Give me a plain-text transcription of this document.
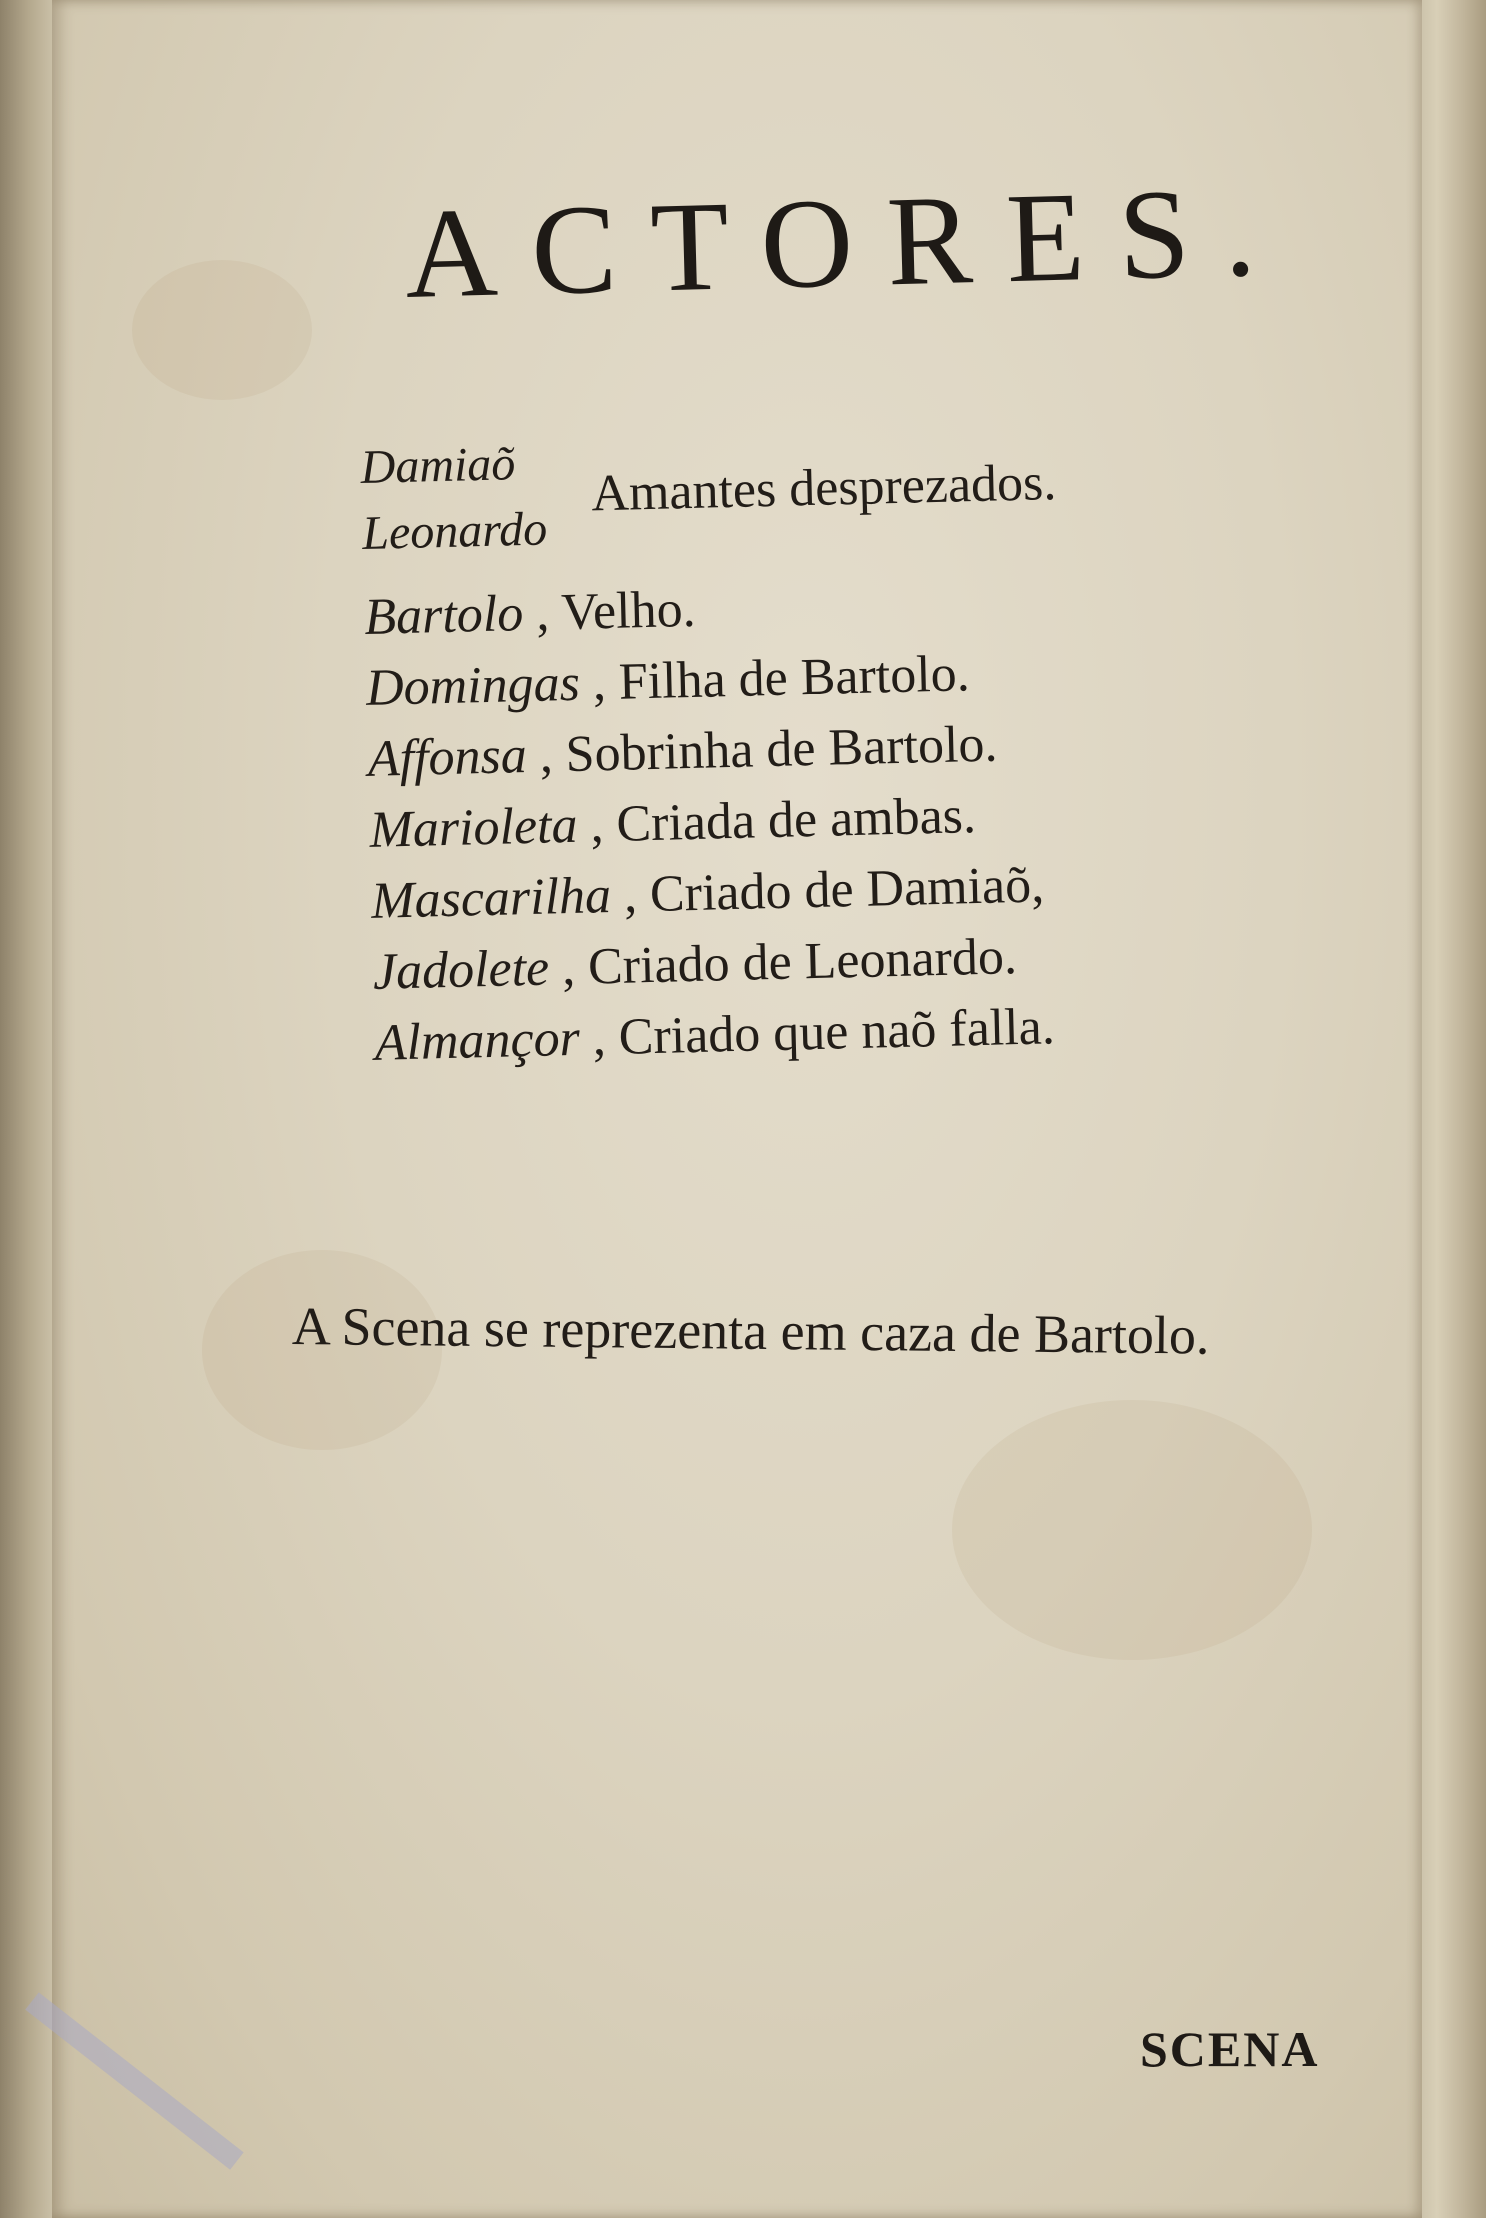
ACTORES.
Damiaõ
Leonardo
Amantes desprezados.
Bartolo , Velho.
Domingas , Filha de Bartolo.
Affonsa , Sobrinha de Bartolo.
Marioleta , Criada de ambas.
Mascarilha , Criado de Damiaõ,
Jadolete , Criado de Leonardo.
Almançor , Criado que naõ falla.
A Scena se reprezenta em caza de Bartolo.
SCENA
